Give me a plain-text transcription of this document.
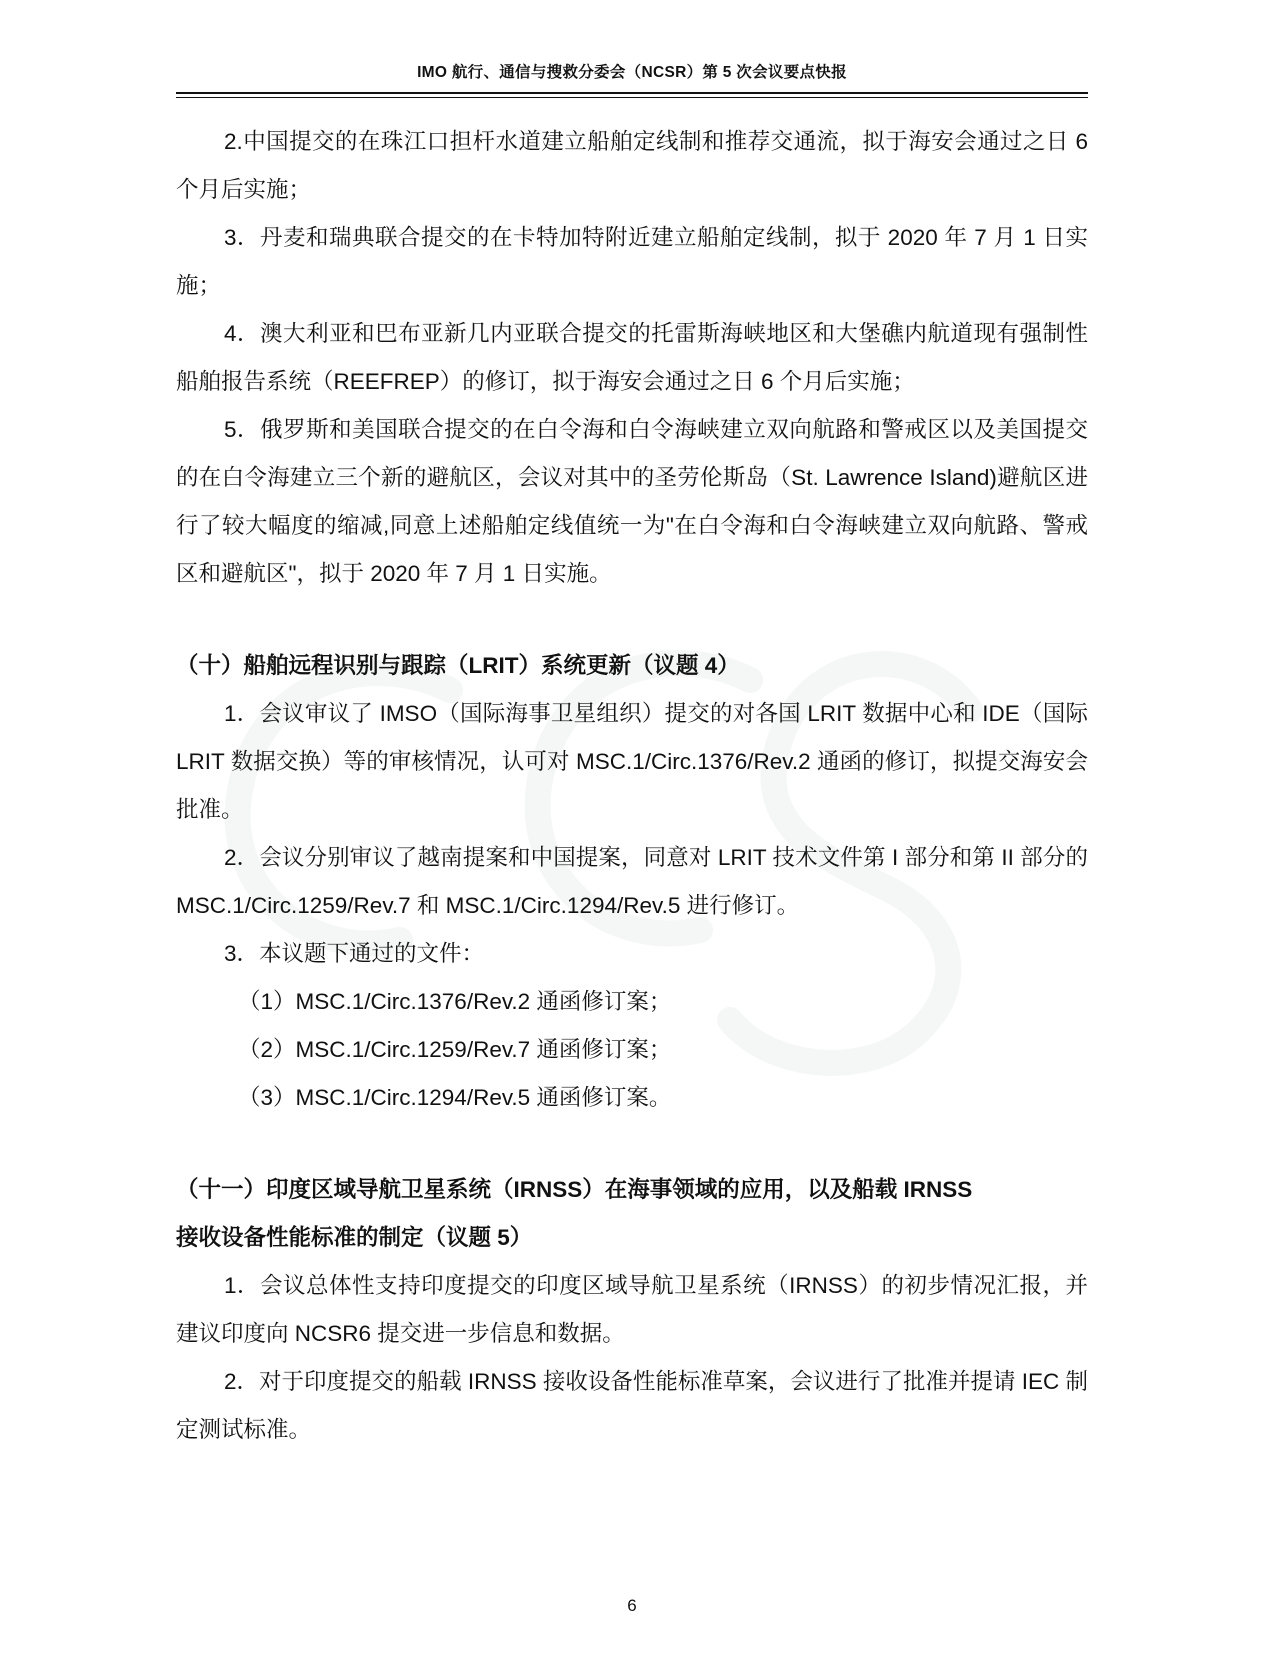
IMO 航行、通信与搜救分委会（NCSR）第 5 次会议要点快报

2.中国提交的在珠江口担杆水道建立船舶定线制和推荐交通流，拟于海安会通过之日 6 个月后实施；

3．丹麦和瑞典联合提交的在卡特加特附近建立船舶定线制，拟于 2020 年 7 月 1 日实施；

4．澳大利亚和巴布亚新几内亚联合提交的托雷斯海峡地区和大堡礁内航道现有强制性船舶报告系统（REEFREP）的修订，拟于海安会通过之日 6 个月后实施；

5．俄罗斯和美国联合提交的在白令海和白令海峡建立双向航路和警戒区以及美国提交的在白令海建立三个新的避航区，会议对其中的圣劳伦斯岛（St. Lawrence Island)避航区进行了较大幅度的缩减,同意上述船舶定线值统一为"在白令海和白令海峡建立双向航路、警戒区和避航区"，拟于 2020 年 7 月 1 日实施。

（十）船舶远程识别与跟踪（LRIT）系统更新（议题 4）

1．会议审议了 IMSO（国际海事卫星组织）提交的对各国 LRIT 数据中心和 IDE（国际 LRIT 数据交换）等的审核情况，认可对 MSC.1/Circ.1376/Rev.2 通函的修订，拟提交海安会批准。

2．会议分别审议了越南提案和中国提案，同意对 LRIT 技术文件第 I 部分和第 II 部分的 MSC.1/Circ.1259/Rev.7 和 MSC.1/Circ.1294/Rev.5 进行修订。

3．本议题下通过的文件：

（1）MSC.1/Circ.1376/Rev.2 通函修订案；

（2）MSC.1/Circ.1259/Rev.7 通函修订案；

（3）MSC.1/Circ.1294/Rev.5 通函修订案。

（十一）印度区域导航卫星系统（IRNSS）在海事领域的应用，以及船载 IRNSS

接收设备性能标准的制定（议题 5）

1．会议总体性支持印度提交的印度区域导航卫星系统（IRNSS）的初步情况汇报，并建议印度向 NCSR6 提交进一步信息和数据。

2．对于印度提交的船载 IRNSS 接收设备性能标准草案，会议进行了批准并提请 IEC 制定测试标准。

6
